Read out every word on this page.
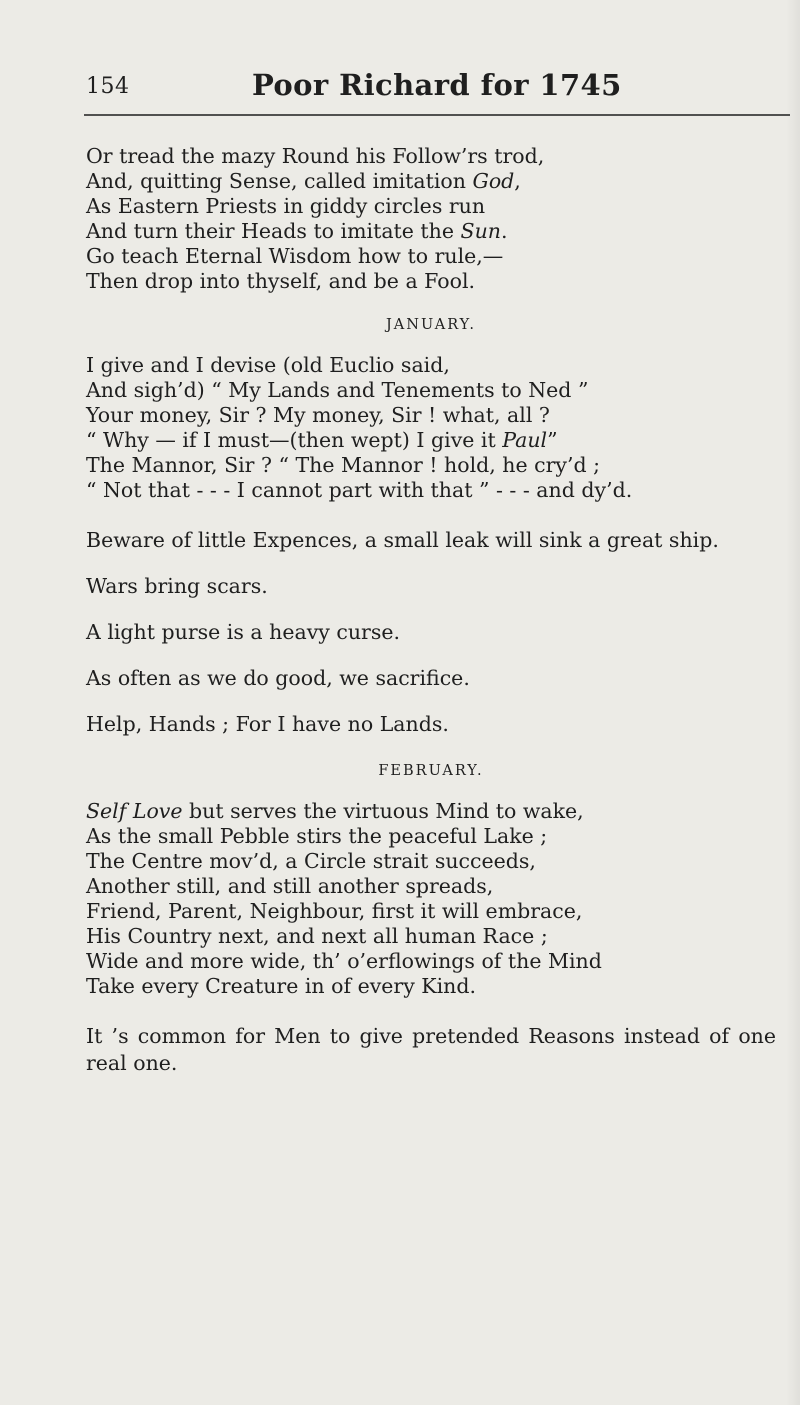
154	Poor Richard for 1745
Or tread the mazy Round his Follow’rs trod,
And, quitting Sense, called imitation God,
As Eastern Priests in giddy circles run
And turn their Heads to imitate the Sun.
Go teach Eternal Wisdom how to rule,—
Then drop into thyself, and be a Fool.
JANUARY.
I give and I devise (old Euclio said,
And sigh’d) “ My Lands and Tenements to Ned ”
Your money, Sir ? My money, Sir ! what, all ?
“ Why — if I must—(then wept) I give it Paul”
The Mannor, Sir ? “ The Mannor ! hold, he cry’d ;
“ Not that - - - I cannot part with that ” - - - and dy’d.
Beware of little Expences, a small leak will sink a great ship.
Wars bring scars.
A light purse is a heavy curse.
As often as we do good, we sacrifice.
Help, Hands ; For I have no Lands.
FEBRUARY.
Self Love but serves the virtuous Mind to wake,
As the small Pebble stirs the peaceful Lake ;
The Centre mov’d, a Circle strait succeeds,
Another still, and still another spreads,
Friend, Parent, Neighbour, first it will embrace,
His Country next, and next all human Race ;
Wide and more wide, th’ o’erflowings of the Mind
Take every Creature in of every Kind.
It ’s common for Men to give pretended Reasons instead of one real one.
